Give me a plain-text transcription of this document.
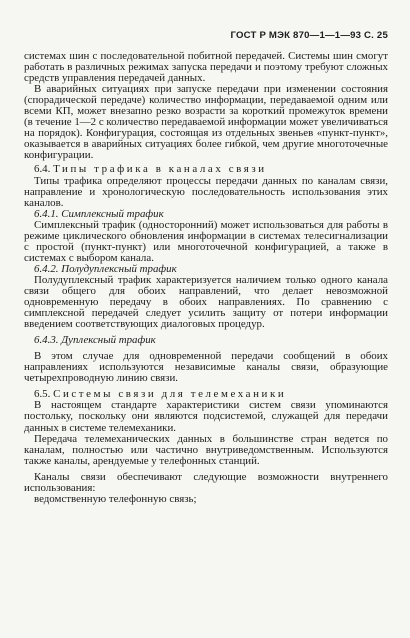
ГОСТ Р МЭК 870—1—1—93 С. 25

системах шин с последовательной побитной передачей. Системы шин смогут работать в различных режимах запуска передачи и поэтому требуют сложных средств управления передачей данных.

В аварийных ситуациях при запуске передачи при изменении состояния (спорадической передаче) количество информации, передаваемой одним или всеми КП, может внезапно резко возрасти за короткий промежуток времени (в течение 1—2 с количество передаваемой информации может увеличиваться на порядок). Конфигурация, состоящая из отдельных звеньев «пункт-пункт», оказывается в аварийных ситуациях более гибкой, чем другие многоточечные конфигурации.

6.4. Типы трафика в каналах связи

Типы трафика определяют процессы передачи данных по каналам связи, направление и хронологическую последовательность использования этих каналов.

6.4.1. Симплексный трафик

Симплексный трафик (односторонний) может использоваться для работы в режиме циклического обновления информации в системах телесигнализации с простой (пункт-пункт) или многоточечной конфигурацией, а также в системах с выбором канала.

6.4.2. Полудуплексный трафик

Полудуплексный трафик характеризуется наличием только одного канала связи общего для обоих направлений, что делает невозможной одновременную передачу в обоих направлениях. По сравнению с симплексной передачей следует усилить защиту от потери информации введением соответствующих диалоговых процедур.

6.4.3. Дуплексный трафик

В этом случае для одновременной передачи сообщений в обоих направлениях используются независимые каналы связи, образующие четырехпроводную линию связи.

6.5. Системы связи для телемеханики

В настоящем стандарте характеристики систем связи упоминаются постольку, поскольку они являются подсистемой, служащей для передачи данных в системе телемеханики.

Передача телемеханических данных в большинстве стран ведется по каналам, полностью или частично внутриведомственным. Используются также каналы, арендуемые у телефонных станций.

Каналы связи обеспечивают следующие возможности внутреннего использования:

ведомственную телефонную связь;
